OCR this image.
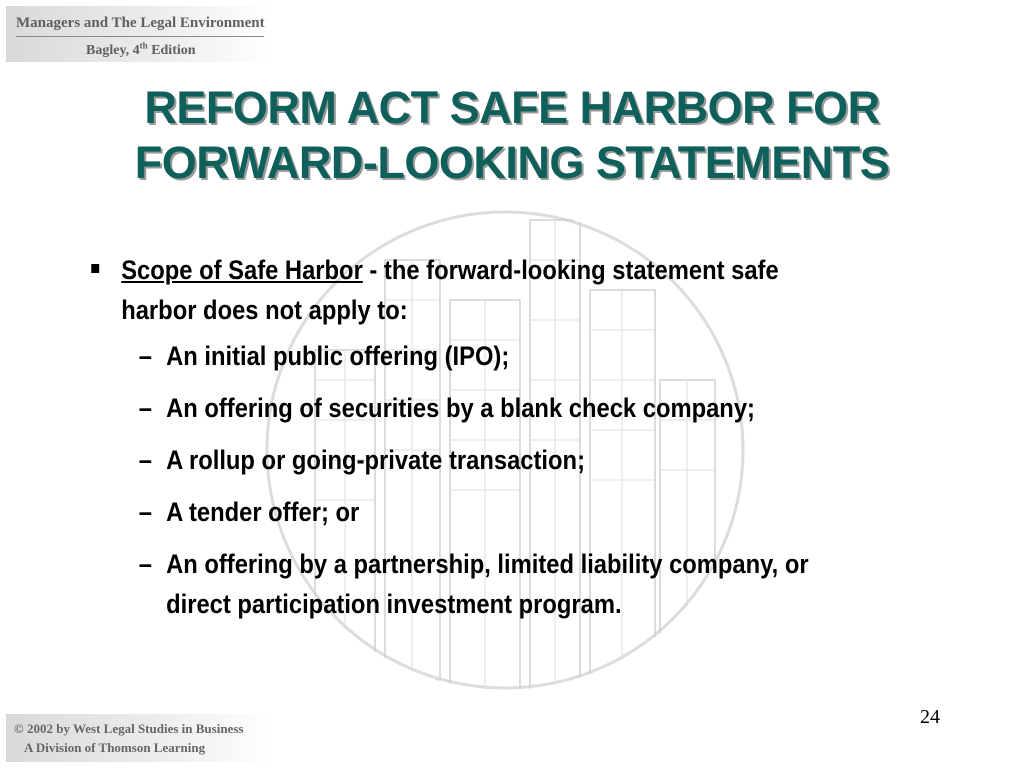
Managers and The Legal Environment
Bagley, 4th Edition
REFORM ACT SAFE HARBOR FOR
FORWARD-LOOKING STATEMENTS
Scope of Safe Harbor - the forward-looking statement safe harbor does not apply to:
– An initial public offering (IPO);
– An offering of securities by a blank check company;
– A rollup or going-private transaction;
– A tender offer; or
– An offering by a partnership, limited liability company, or direct participation investment program.
24
© 2002 by West Legal Studies in Business
A Division of Thomson Learning
